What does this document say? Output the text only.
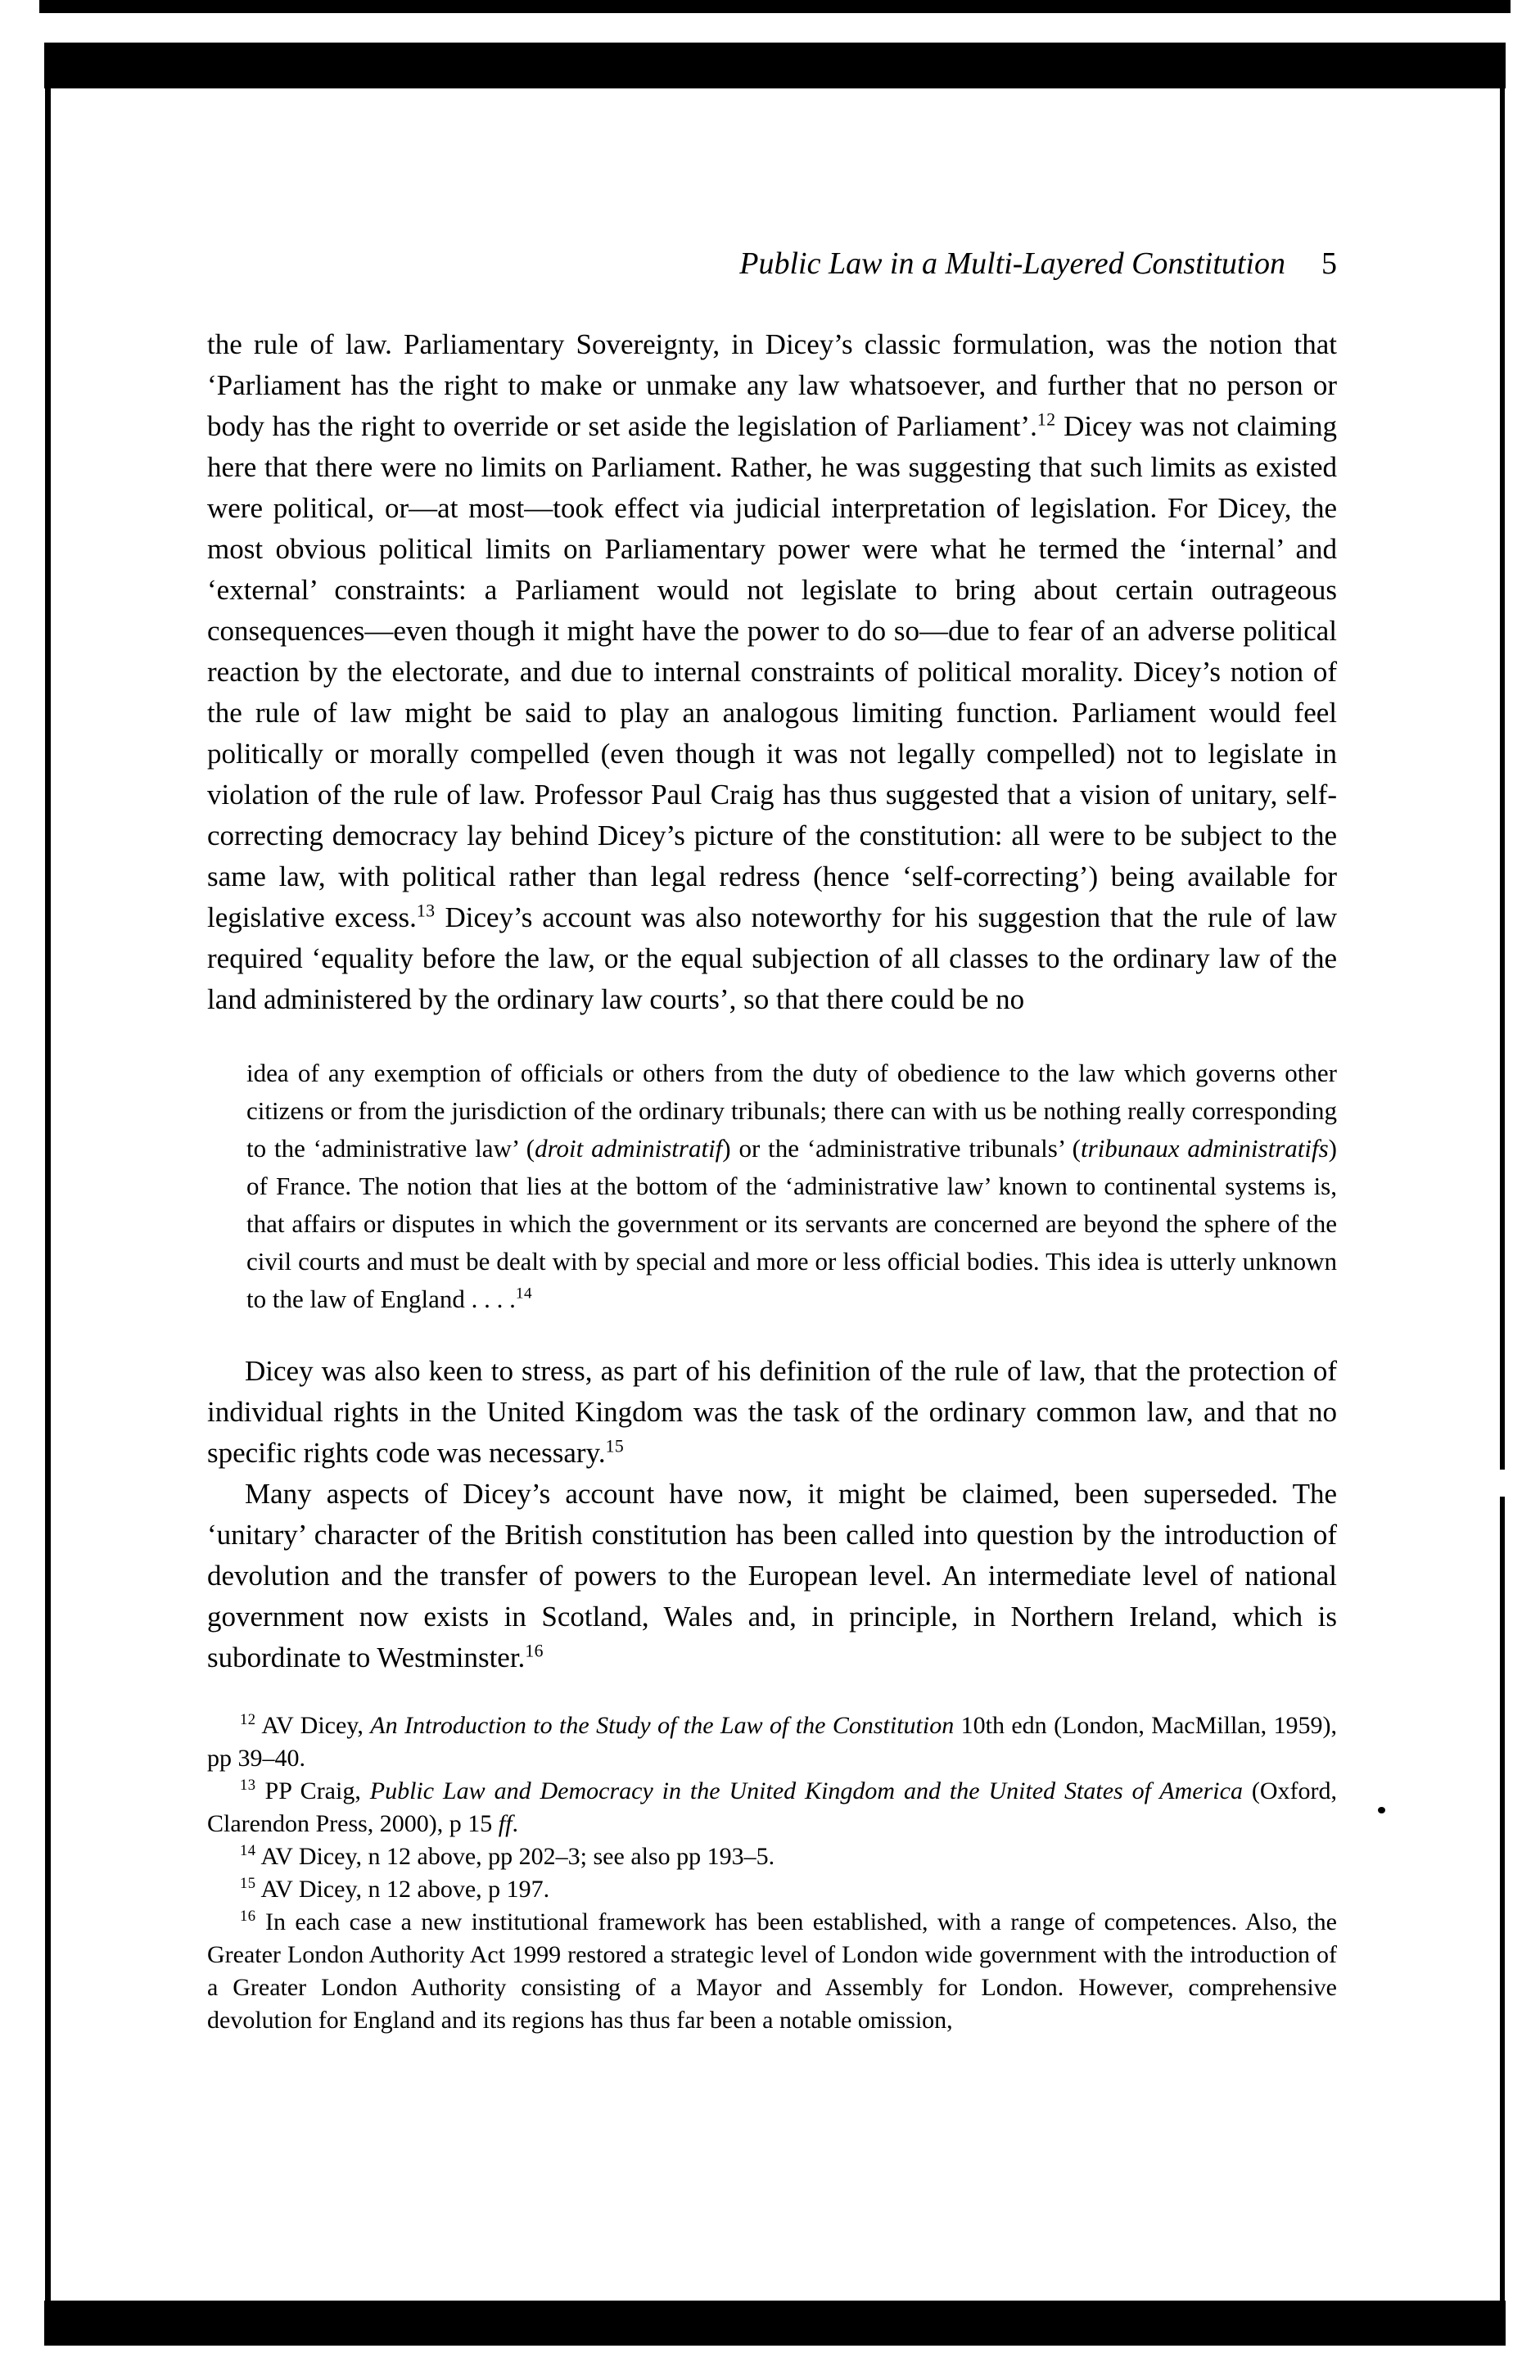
Public Law in a Multi-Layered Constitution 5

the rule of law. Parliamentary Sovereignty, in Dicey’s classic formulation, was the notion that ‘Parliament has the right to make or unmake any law whatsoever, and further that no person or body has the right to override or set aside the legislation of Parliament’.$^{12}$ Dicey was not claiming here that there were no limits on Parliament. Rather, he was suggesting that such limits as existed were political, or—at most—took effect via judicial interpretation of legislation. For Dicey, the most obvious political limits on Parliamentary power were what he termed the ‘internal’ and ‘external’ constraints: a Parliament would not legislate to bring about certain outrageous consequences—even though it might have the power to do so—due to fear of an adverse political reaction by the electorate, and due to internal constraints of political morality. Dicey’s notion of the rule of law might be said to play an analogous limiting function. Parliament would feel politically or morally compelled (even though it was not legally compelled) not to legislate in violation of the rule of law. Professor Paul Craig has thus suggested that a vision of unitary, self-correcting democracy lay behind Dicey’s picture of the constitution: all were to be subject to the same law, with political rather than legal redress (hence ‘self-correcting’) being available for legislative excess.$^{13}$ Dicey’s account was also noteworthy for his suggestion that the rule of law required ‘equality before the law, or the equal subjection of all classes to the ordinary law of the land administered by the ordinary law courts’, so that there could be no

idea of any exemption of officials or others from the duty of obedience to the law which governs other citizens or from the jurisdiction of the ordinary tribunals; there can with us be nothing really corresponding to the ‘administrative law’ (droit administratif) or the ‘administrative tribunals’ (tribunaux administratifs) of France. The notion that lies at the bottom of the ‘administrative law’ known to continental systems is, that affairs or disputes in which the government or its servants are concerned are beyond the sphere of the civil courts and must be dealt with by special and more or less official bodies. This idea is utterly unknown to the law of England . . . .$^{14}$

Dicey was also keen to stress, as part of his definition of the rule of law, that the protection of individual rights in the United Kingdom was the task of the ordinary common law, and that no specific rights code was necessary.$^{15}$

Many aspects of Dicey’s account have now, it might be claimed, been superseded. The ‘unitary’ character of the British constitution has been called into question by the introduction of devolution and the transfer of powers to the European level. An intermediate level of national government now exists in Scotland, Wales and, in principle, in Northern Ireland, which is subordinate to Westminster.$^{16}$

$^{12}$ AV Dicey, An Introduction to the Study of the Law of the Constitution 10th edn (London, MacMillan, 1959), pp 39–40.

$^{13}$ PP Craig, Public Law and Democracy in the United Kingdom and the United States of America (Oxford, Clarendon Press, 2000), p 15 ff.

$^{14}$ AV Dicey, n 12 above, pp 202–3; see also pp 193–5.

$^{15}$ AV Dicey, n 12 above, p 197.

$^{16}$ In each case a new institutional framework has been established, with a range of competences. Also, the Greater London Authority Act 1999 restored a strategic level of London wide government with the introduction of a Greater London Authority consisting of a Mayor and Assembly for London. However, comprehensive devolution for England and its regions has thus far been a notable omission,
